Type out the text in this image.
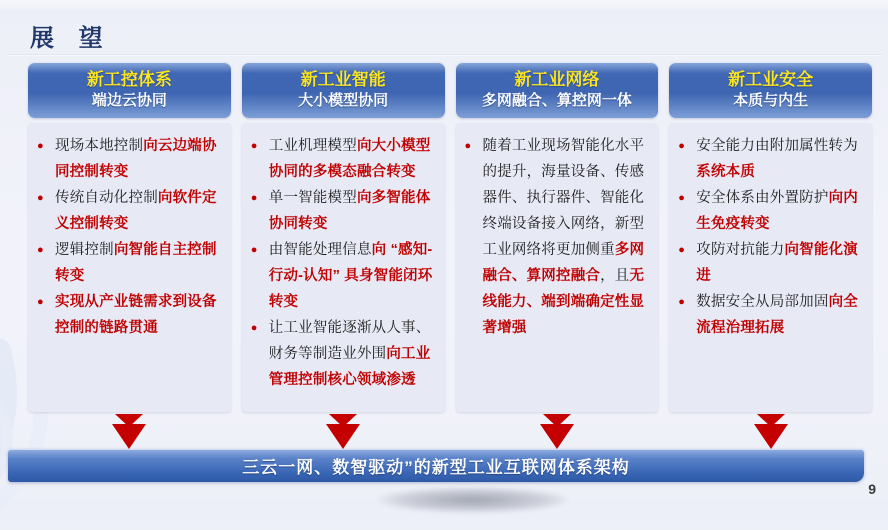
展 望
新工控体系
端边云协同
● 现场本地控制向云边端协同控制转变
● 传统自动化控制向软件定义控制转变
● 逻辑控制向智能自主控制转变
● 实现从产业链需求到设备控制的链路贯通
新工业智能
大小模型协同
● 工业机理模型向大小模型协同的多模态融合转变
● 单一智能模型向多智能体协同转变
● 由智能处理信息向 “感知-行动-认知” 具身智能闭环转变
● 让工业智能逐渐从人事、财务等制造业外围向工业管理控制核心领域渗透
新工业网络
多网融合、算控网一体
● 随着工业现场智能化水平的提升，海量设备、传感器件、执行器件、智能化终端设备接入网络，新型工业网络将更加侧重多网融合、算网控融合，且无线能力、端到端确定性显著增强
新工业安全
本质与内生
● 安全能力由附加属性转为系统本质
● 安全体系由外置防护向内生免疫转变
● 攻防对抗能力向智能化演进
● 数据安全从局部加固向全流程治理拓展
三云一网、数智驱动”的新型工业互联网体系架构
9
